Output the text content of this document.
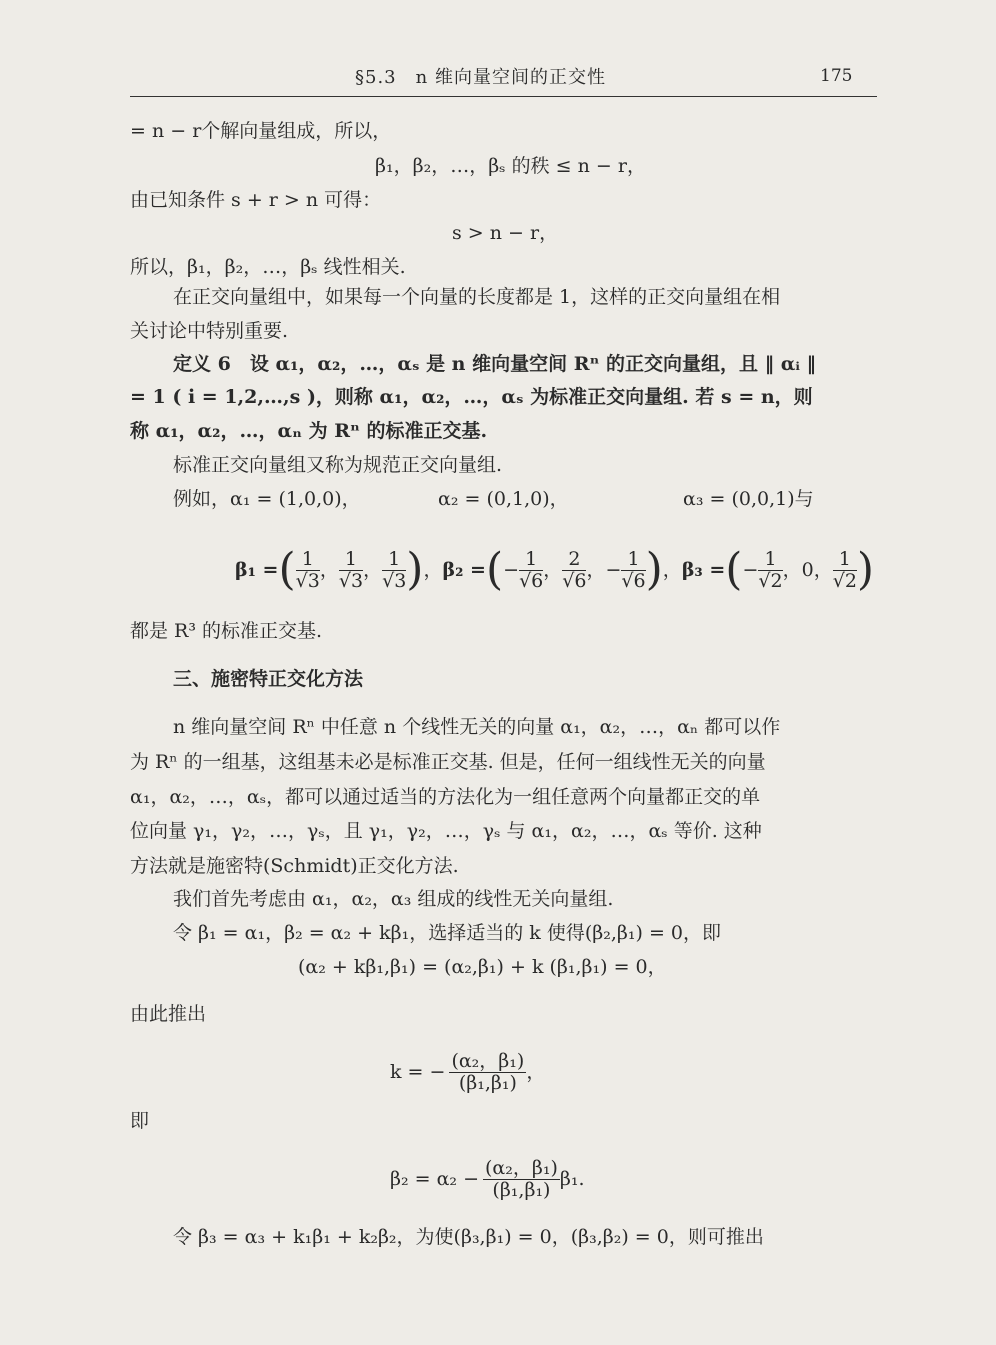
§5.3　n 维向量空间的正交性	175
= n − r个解向量组成，所以，
β₁，β₂，…，βₛ 的秩 ≤ n − r，
由已知条件 s + r > n 可得：
s > n − r，
所以，β₁，β₂，…，βₛ 线性相关.
在正交向量组中，如果每一个向量的长度都是 1，这样的正交向量组在相
关讨论中特别重要.
定义 6　设 α₁，α₂，…，αₛ 是 n 维向量空间 Rⁿ 的正交向量组，且 ‖ αᵢ ‖
= 1 ( i = 1,2,…,s )，则称 α₁，α₂，…，αₛ 为标准正交向量组. 若 s = n，则
称 α₁，α₂，…，αₙ 为 Rⁿ 的标准正交基.
标准正交向量组又称为规范正交向量组.
例如，α₁ = (1,0,0)，	α₂ = (0,1,0)，	α₃ = (0,0,1)与
β₁ = ( $\frac{1}{√3}$ ， $\frac{1}{√3}$ ， $\frac{1}{√3}$ ) ， β₂ = ( − $\frac{1}{√6}$ ， $\frac{2}{√6}$ ， − $\frac{1}{√6}$ ) ， β₃ = ( − $\frac{1}{√2}$ ， 0 ， $\frac{1}{√2}$ )
都是 R³ 的标准正交基.
三、施密特正交化方法
n 维向量空间 Rⁿ 中任意 n 个线性无关的向量 α₁，α₂，…，αₙ 都可以作
为 Rⁿ 的一组基，这组基未必是标准正交基. 但是，任何一组线性无关的向量
α₁，α₂，…，αₛ，都可以通过适当的方法化为一组任意两个向量都正交的单
位向量 γ₁，γ₂，…，γₛ，且 γ₁，γ₂，…，γₛ 与 α₁，α₂，…，αₛ 等价. 这种
方法就是施密特(Schmidt)正交化方法.
我们首先考虑由 α₁，α₂，α₃ 组成的线性无关向量组.
令 β₁ = α₁，β₂ = α₂ + kβ₁，选择适当的 k 使得(β₂,β₁) = 0，即
(α₂ + kβ₁,β₁) = (α₂,β₁) + k (β₁,β₁) = 0，
由此推出
k = − $\frac{\text{(α₂，β₁)}}{\text{(β₁,β₁)}}$ ，
即
$\beta_2 = \alpha_2 - \frac{\text{(α₂，β₁)}}{\text{(β₁,β₁)}} \beta_1$.
令 β₃ = α₃ + k₁β₁ + k₂β₂，为使(β₃,β₁) = 0，(β₃,β₂) = 0，则可推出
